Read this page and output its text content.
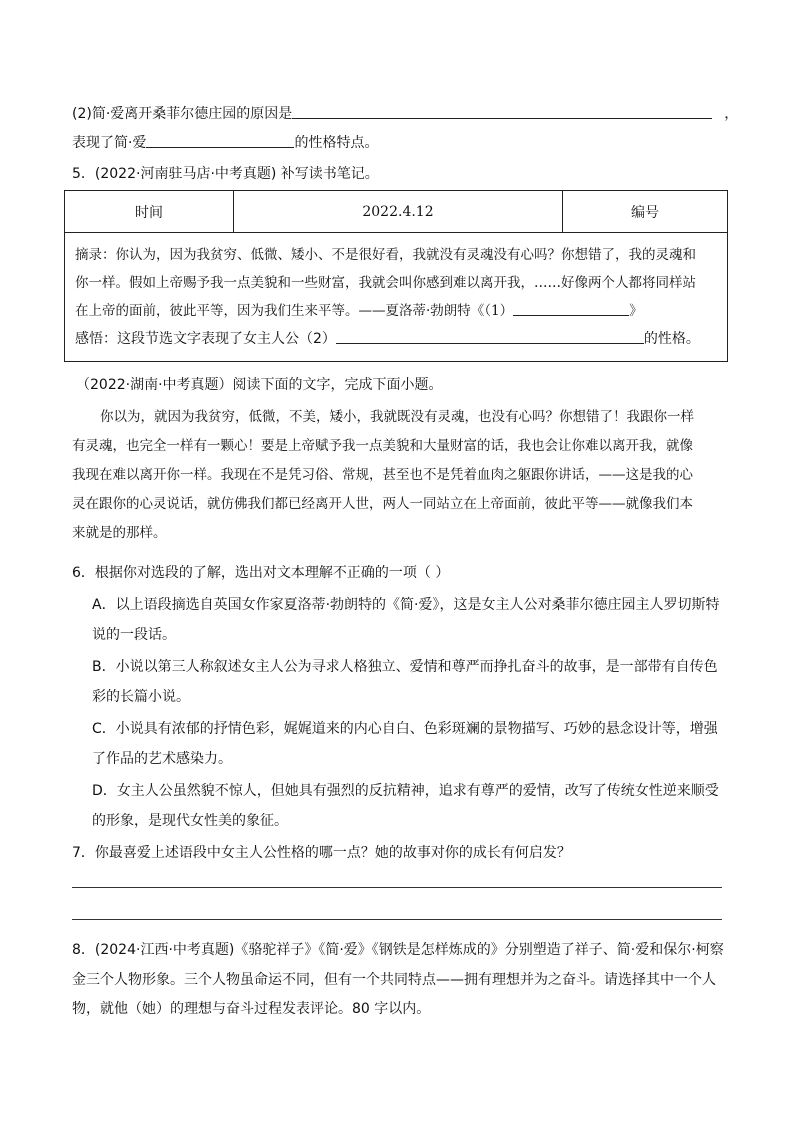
(2)简·爱离开桑菲尔德庄园的原因是	，
表现了简·爱	的性格特点。
5．(2022·河南驻马店·中考真题) 补写读书笔记。
时间	2022.4.12	编号

摘录：你认为，因为我贫穷、低微、矮小、不是很好看，我就没有灵魂没有心吗？你想错了，我的灵魂和
你一样。假如上帝赐予我一点美貌和一些财富，我就会叫你感到难以离开我，……好像两个人都将同样站
在上帝的面前，彼此平等，因为我们生来平等。——夏洛蒂·勃朗特《（1）	》
感悟：这段节选文字表现了女主人公（2）	的性格。
（2022·湖南·中考真题）阅读下面的文字，完成下面小题。
你以为，就因为我贫穷，低微，不美，矮小，我就既没有灵魂，也没有心吗？你想错了！我跟你一样
有灵魂，也完全一样有一颗心！要是上帝赋予我一点美貌和大量财富的话，我也会让你难以离开我，就像
我现在难以离开你一样。我现在不是凭习俗、常规，甚至也不是凭着血肉之躯跟你讲话，——这是我的心
灵在跟你的心灵说话，就仿佛我们都已经离开人世，两人一同站立在上帝面前，彼此平等——就像我们本
来就是的那样。
6．根据你对选段的了解，选出对文本理解不正确的一项（ ）
A．以上语段摘选自英国女作家夏洛蒂·勃朗特的《简·爱》，这是女主人公对桑菲尔德庄园主人罗切斯特
说的一段话。
B．小说以第三人称叙述女主人公为寻求人格独立、爱情和尊严而挣扎奋斗的故事，是一部带有自传色
彩的长篇小说。
C．小说具有浓郁的抒情色彩，娓娓道来的内心自白、色彩斑斓的景物描写、巧妙的悬念设计等，增强
了作品的艺术感染力。
D．女主人公虽然貌不惊人，但她具有强烈的反抗精神，追求有尊严的爱情，改写了传统女性逆来顺受
的形象，是现代女性美的象征。
7．你最喜爱上述语段中女主人公性格的哪一点？她的故事对你的成长有何启发？
8．(2024·江西·中考真题)《骆驼祥子》《简·爱》《钢铁是怎样炼成的》分别塑造了祥子、简·爱和保尔·柯察
金三个人物形象。三个人物虽命运不同，但有一个共同特点——拥有理想并为之奋斗。请选择其中一个人
物，就他（她）的理想与奋斗过程发表评论。80 字以内。
